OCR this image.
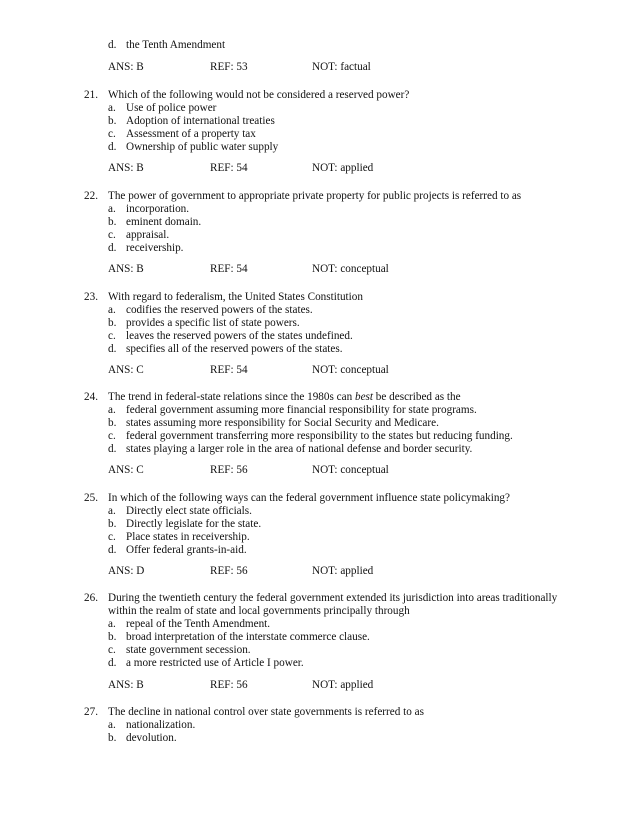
d. the Tenth Amendment
ANS: B	REF: 53	NOT: factual
21. Which of the following would not be considered a reserved power?
a. Use of police power
b. Adoption of international treaties
c. Assessment of a property tax
d. Ownership of public water supply
ANS: B	REF: 54	NOT: applied
22. The power of government to appropriate private property for public projects is referred to as
a. incorporation.
b. eminent domain.
c. appraisal.
d. receivership.
ANS: B	REF: 54	NOT: conceptual
23. With regard to federalism, the United States Constitution
a. codifies the reserved powers of the states.
b. provides a specific list of state powers.
c. leaves the reserved powers of the states undefined.
d. specifies all of the reserved powers of the states.
ANS: C	REF: 54	NOT: conceptual
24. The trend in federal-state relations since the 1980s can best be described as the
a. federal government assuming more financial responsibility for state programs.
b. states assuming more responsibility for Social Security and Medicare.
c. federal government transferring more responsibility to the states but reducing funding.
d. states playing a larger role in the area of national defense and border security.
ANS: C	REF: 56	NOT: conceptual
25. In which of the following ways can the federal government influence state policymaking?
a. Directly elect state officials.
b. Directly legislate for the state.
c. Place states in receivership.
d. Offer federal grants-in-aid.
ANS: D	REF: 56	NOT: applied
26. During the twentieth century the federal government extended its jurisdiction into areas traditionally
within the realm of state and local governments principally through
a. repeal of the Tenth Amendment.
b. broad interpretation of the interstate commerce clause.
c. state government secession.
d. a more restricted use of Article I power.
ANS: B	REF: 56	NOT: applied
27. The decline in national control over state governments is referred to as
a. nationalization.
b. devolution.
